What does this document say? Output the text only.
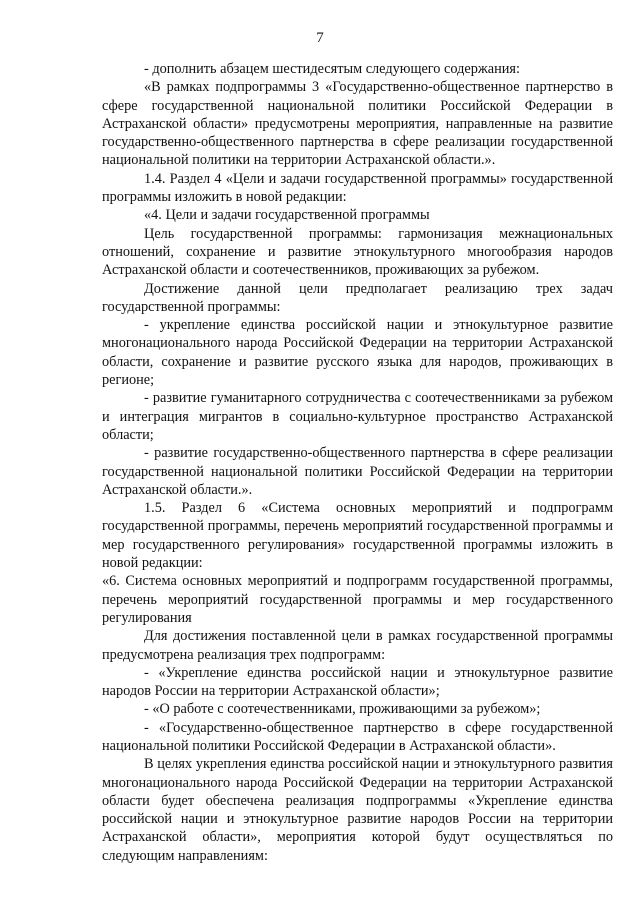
7

- дополнить абзацем шестидесятым следующего содержания:

«В рамках подпрограммы 3 «Государственно-общественное партнерство в сфере государственной национальной политики Российской Федерации в Астраханской области» предусмотрены мероприятия, направленные на развитие государственно-общественного партнерства в сфере реализации государственной национальной политики на территории Астраханской области.».

1.4. Раздел 4 «Цели и задачи государственной программы» государственной программы изложить в новой редакции:

«4. Цели и задачи государственной программы

Цель государственной программы: гармонизация межнациональных отношений, сохранение и развитие этнокультурного многообразия народов Астраханской области и соотечественников, проживающих за рубежом.

Достижение данной цели предполагает реализацию трех задач государственной программы:

- укрепление единства российской нации и этнокультурное развитие многонационального народа Российской Федерации на территории Астраханской области, сохранение и развитие русского языка для народов, проживающих в регионе;

- развитие гуманитарного сотрудничества с соотечественниками за рубежом и интеграция мигрантов в социально-культурное пространство Астраханской области;

- развитие государственно-общественного партнерства в сфере реализации государственной национальной политики Российской Федерации на территории Астраханской области.».

1.5. Раздел 6 «Система основных мероприятий и подпрограмм государственной программы, перечень мероприятий государственной программы и мер государственного регулирования» государственной программы изложить в новой редакции:

«6. Система основных мероприятий и подпрограмм государственной программы, перечень мероприятий государственной программы и мер государственного регулирования

Для достижения поставленной цели в рамках государственной программы предусмотрена реализация трех подпрограмм:

- «Укрепление единства российской нации и этнокультурное развитие народов России на территории Астраханской области»;

- «О работе с соотечественниками, проживающими за рубежом»;

- «Государственно-общественное партнерство в сфере государственной национальной политики Российской Федерации в Астраханской области».

В целях укрепления единства российской нации и этнокультурного развития многонационального народа Российской Федерации на территории Астраханской области будет обеспечена реализация подпрограммы «Укрепление единства российской нации и этнокультурное развитие народов России на территории Астраханской области», мероприятия которой будут осуществляться по следующим направлениям:
